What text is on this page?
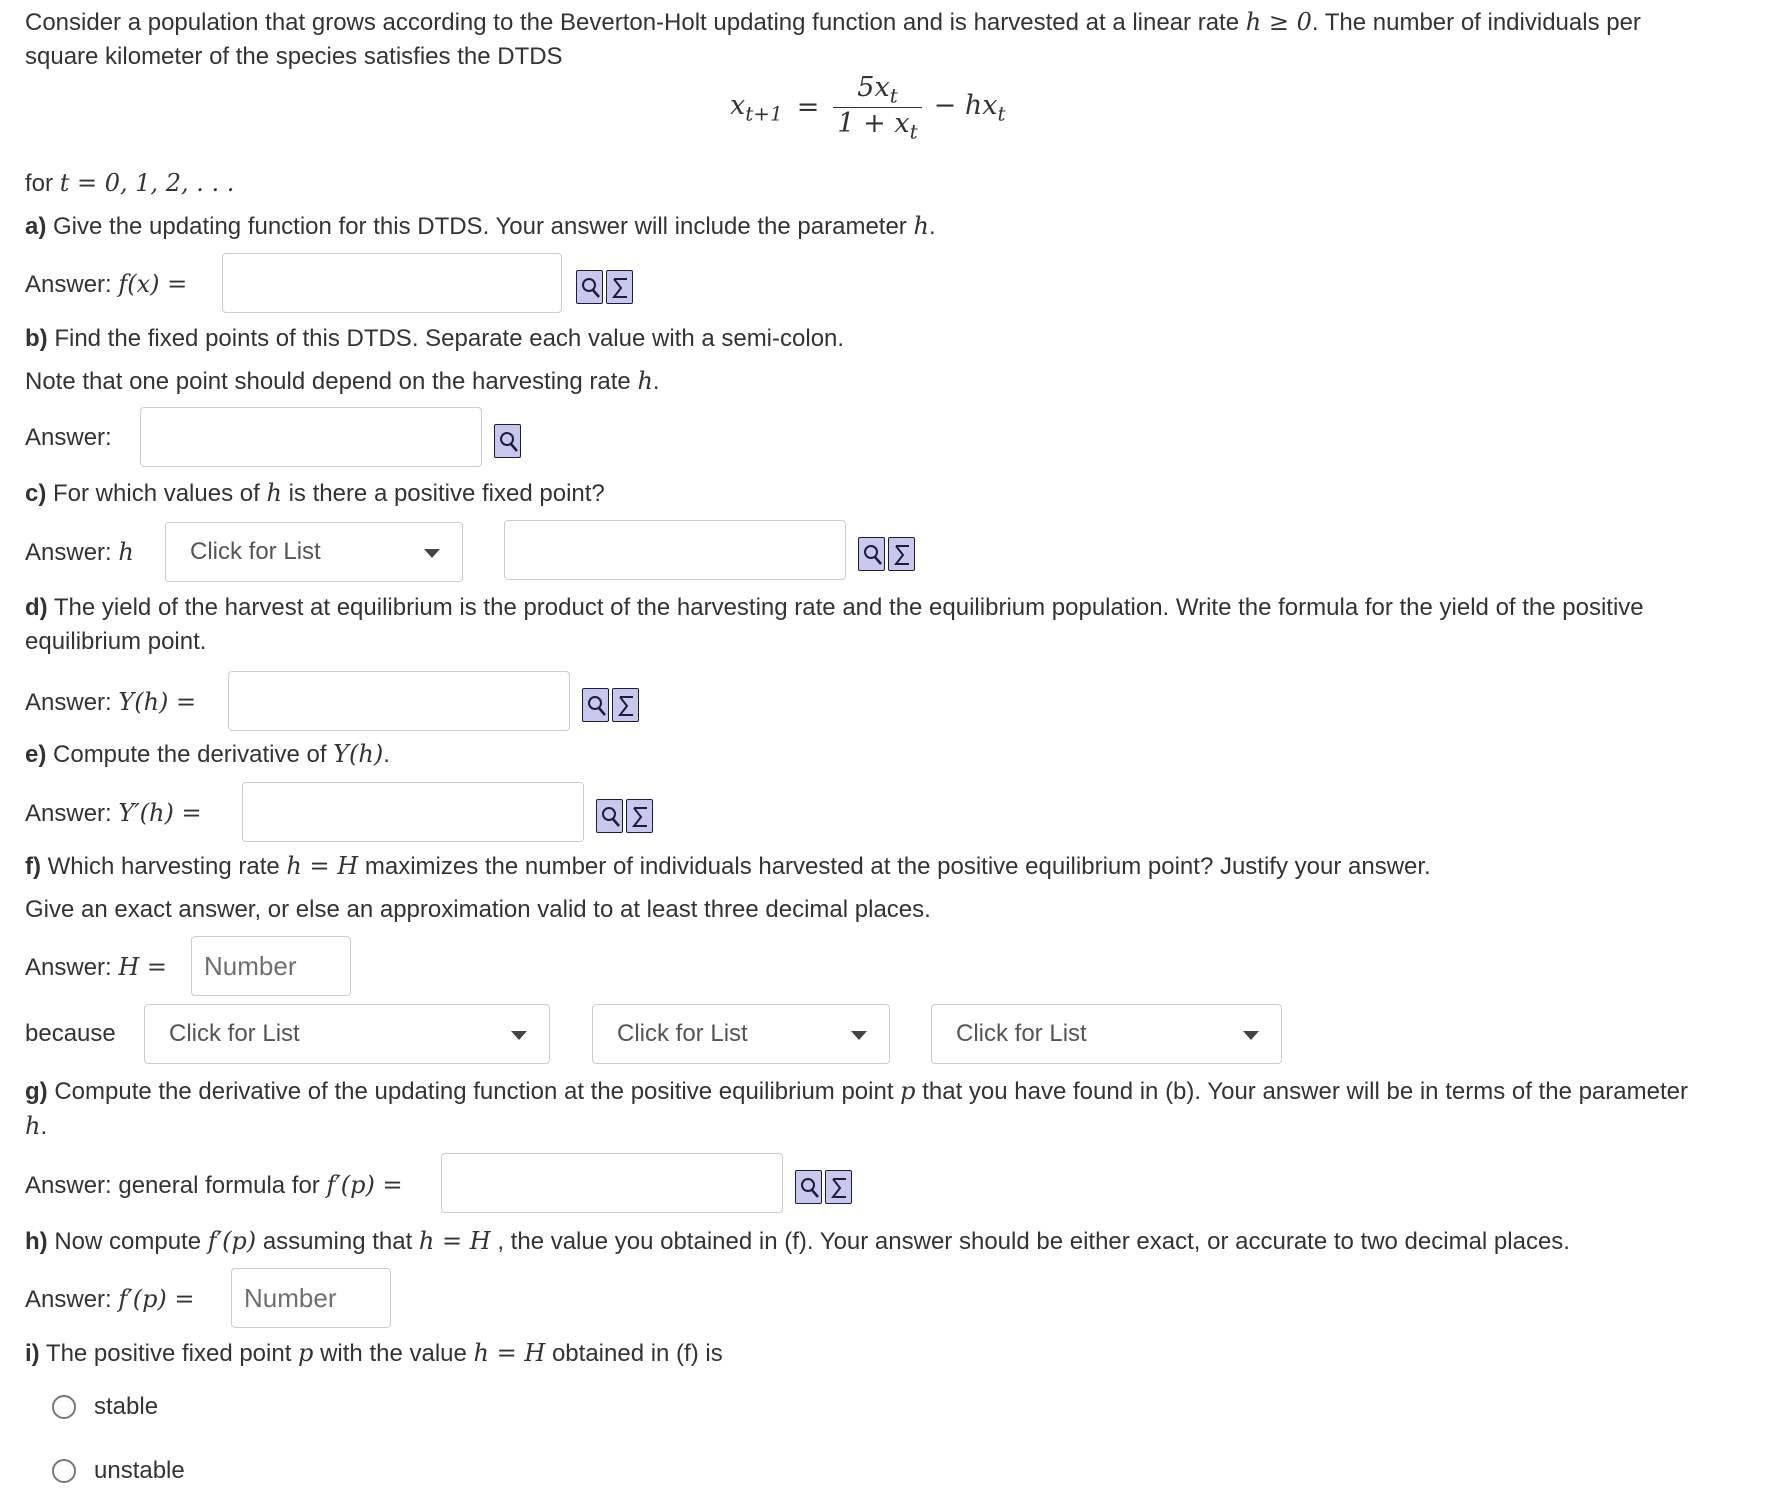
Consider a population that grows according to the Beverton-Holt updating function and is harvested at a linear rate h ≥ 0. The number of individuals per
square kilometer of the species satisfies the DTDS
$x_{t+1} = \frac{5x_t}{1 + x_t} - hx_t$
for t = 0, 1, 2, . . .
a) Give the updating function for this DTDS. Your answer will include the parameter h.
Answer: f(x) =
b) Find the fixed points of this DTDS. Separate each value with a semi-colon.
Note that one point should depend on the harvesting rate h.
Answer:
c) For which values of h is there a positive fixed point?
Answer: h Click for List
d) The yield of the harvest at equilibrium is the product of the harvesting rate and the equilibrium population. Write the formula for the yield of the positive
equilibrium point.
Answer: Y(h) =
e) Compute the derivative of Y(h).
Answer: Y′(h) =
f) Which harvesting rate h = H maximizes the number of individuals harvested at the positive equilibrium point? Justify your answer.
Give an exact answer, or else an approximation valid to at least three decimal places.
Answer: H =
Number
because Click for List	Click for List	Click for List
g) Compute the derivative of the updating function at the positive equilibrium point p that you have found in (b). Your answer will be in terms of the parameter
h.
Answer: general formula for f′(p) =
h) Now compute f′(p) assuming that h = H , the value you obtained in (f). Your answer should be either exact, or accurate to two decimal places.
Answer: f′(p) =
Number
i) The positive fixed point p with the value h = H obtained in (f) is
stable
unstable
